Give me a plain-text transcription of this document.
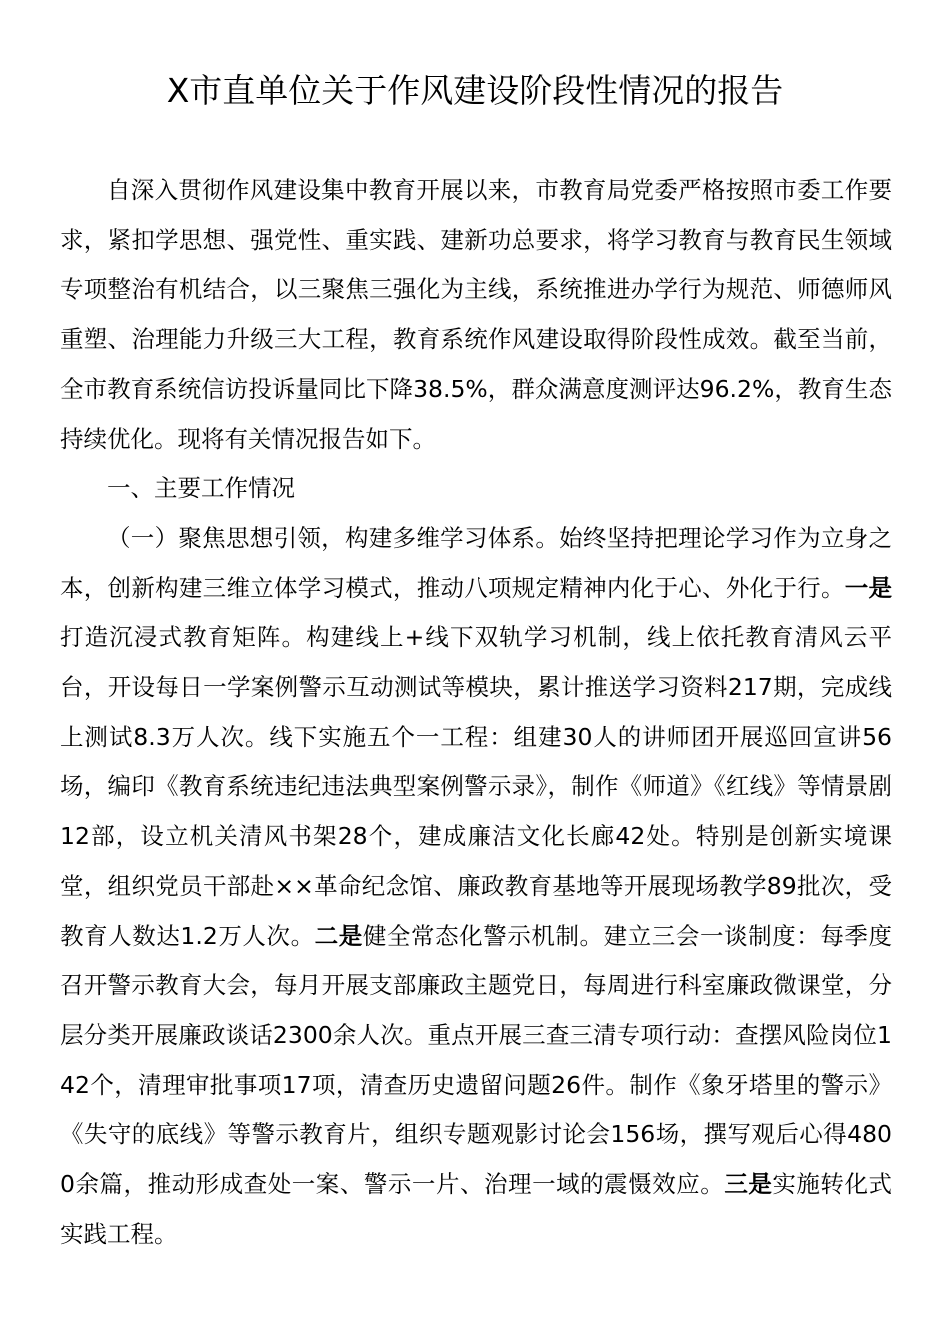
X市直单位关于作风建设阶段性情况的报告

自深入贯彻作风建设集中教育开展以来，市教育局党委严格按照市委工作要求，紧扣学思想、强党性、重实践、建新功总要求，将学习教育与教育民生领域专项整治有机结合，以三聚焦三强化为主线，系统推进办学行为规范、师德师风重塑、治理能力升级三大工程，教育系统作风建设取得阶段性成效。截至当前，全市教育系统信访投诉量同比下降38.5%，群众满意度测评达96.2%，教育生态持续优化。现将有关情况报告如下。

一、主要工作情况

（一）聚焦思想引领，构建多维学习体系。始终坚持把理论学习作为立身之本，创新构建三维立体学习模式，推动八项规定精神内化于心、外化于行。一是打造沉浸式教育矩阵。构建线上+线下双轨学习机制，线上依托教育清风云平台，开设每日一学案例警示互动测试等模块，累计推送学习资料217期，完成线上测试8.3万人次。线下实施五个一工程：组建30人的讲师团开展巡回宣讲56场，编印《教育系统违纪违法典型案例警示录》，制作《师道》《红线》等情景剧12部，设立机关清风书架28个，建成廉洁文化长廊42处。特别是创新实境课堂，组织党员干部赴××革命纪念馆、廉政教育基地等开展现场教学89批次，受教育人数达1.2万人次。二是健全常态化警示机制。建立三会一谈制度：每季度召开警示教育大会，每月开展支部廉政主题党日，每周进行科室廉政微课堂，分层分类开展廉政谈话2300余人次。重点开展三查三清专项行动：查摆风险岗位142个，清理审批事项17项，清查历史遗留问题26件。制作《象牙塔里的警示》《失守的底线》等警示教育片，组织专题观影讨论会156场，撰写观后心得4800余篇，推动形成查处一案、警示一片、治理一域的震慑效应。三是实施转化式实践工程。
